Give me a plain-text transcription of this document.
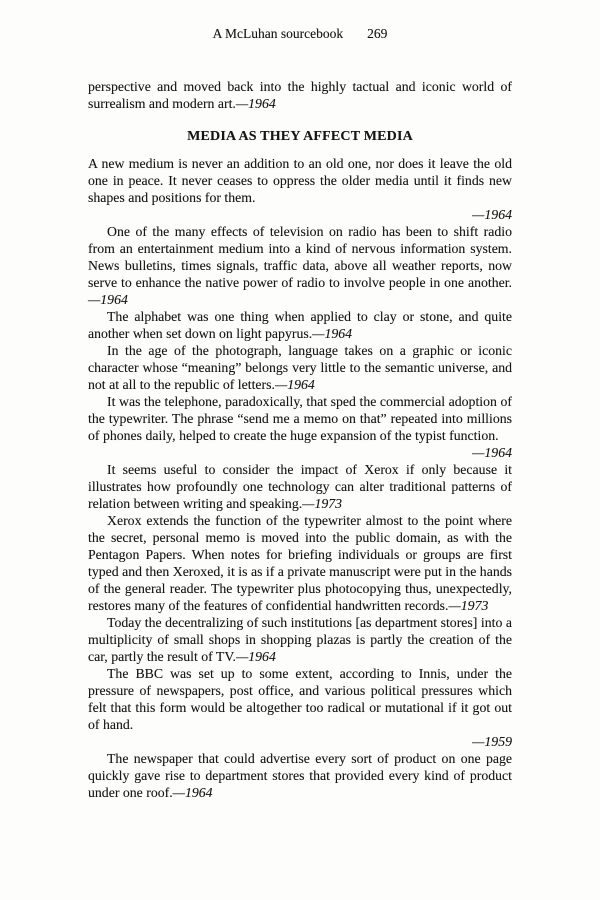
A McLuhan sourcebook 269

perspective and moved back into the highly tactual and iconic world of surrealism and modern art.—1964

MEDIA AS THEY AFFECT MEDIA

A new medium is never an addition to an old one, nor does it leave the old one in peace. It never ceases to oppress the older media until it finds new shapes and positions for them.

—1964

One of the many effects of television on radio has been to shift radio from an entertainment medium into a kind of nervous information system. News bulletins, times signals, traffic data, above all weather reports, now serve to enhance the native power of radio to involve people in one another.—1964

The alphabet was one thing when applied to clay or stone, and quite another when set down on light papyrus.—1964

In the age of the photograph, language takes on a graphic or iconic character whose “meaning” belongs very little to the semantic universe, and not at all to the republic of letters.—1964

It was the telephone, paradoxically, that sped the commercial adoption of the typewriter. The phrase “send me a memo on that” repeated into millions of phones daily, helped to create the huge expansion of the typist function.

—1964

It seems useful to consider the impact of Xerox if only because it illustrates how profoundly one technology can alter traditional patterns of relation between writing and speaking.—1973

Xerox extends the function of the typewriter almost to the point where the secret, personal memo is moved into the public domain, as with the Pentagon Papers. When notes for briefing individuals or groups are first typed and then Xeroxed, it is as if a private manuscript were put in the hands of the general reader. The typewriter plus photocopying thus, unexpectedly, restores many of the features of confidential handwritten records.—1973

Today the decentralizing of such institutions [as department stores] into a multiplicity of small shops in shopping plazas is partly the creation of the car, partly the result of TV.—1964

The BBC was set up to some extent, according to Innis, under the pressure of newspapers, post office, and various political pressures which felt that this form would be altogether too radical or mutational if it got out of hand.

—1959

The newspaper that could advertise every sort of product on one page quickly gave rise to department stores that provided every kind of product under one roof.—1964
